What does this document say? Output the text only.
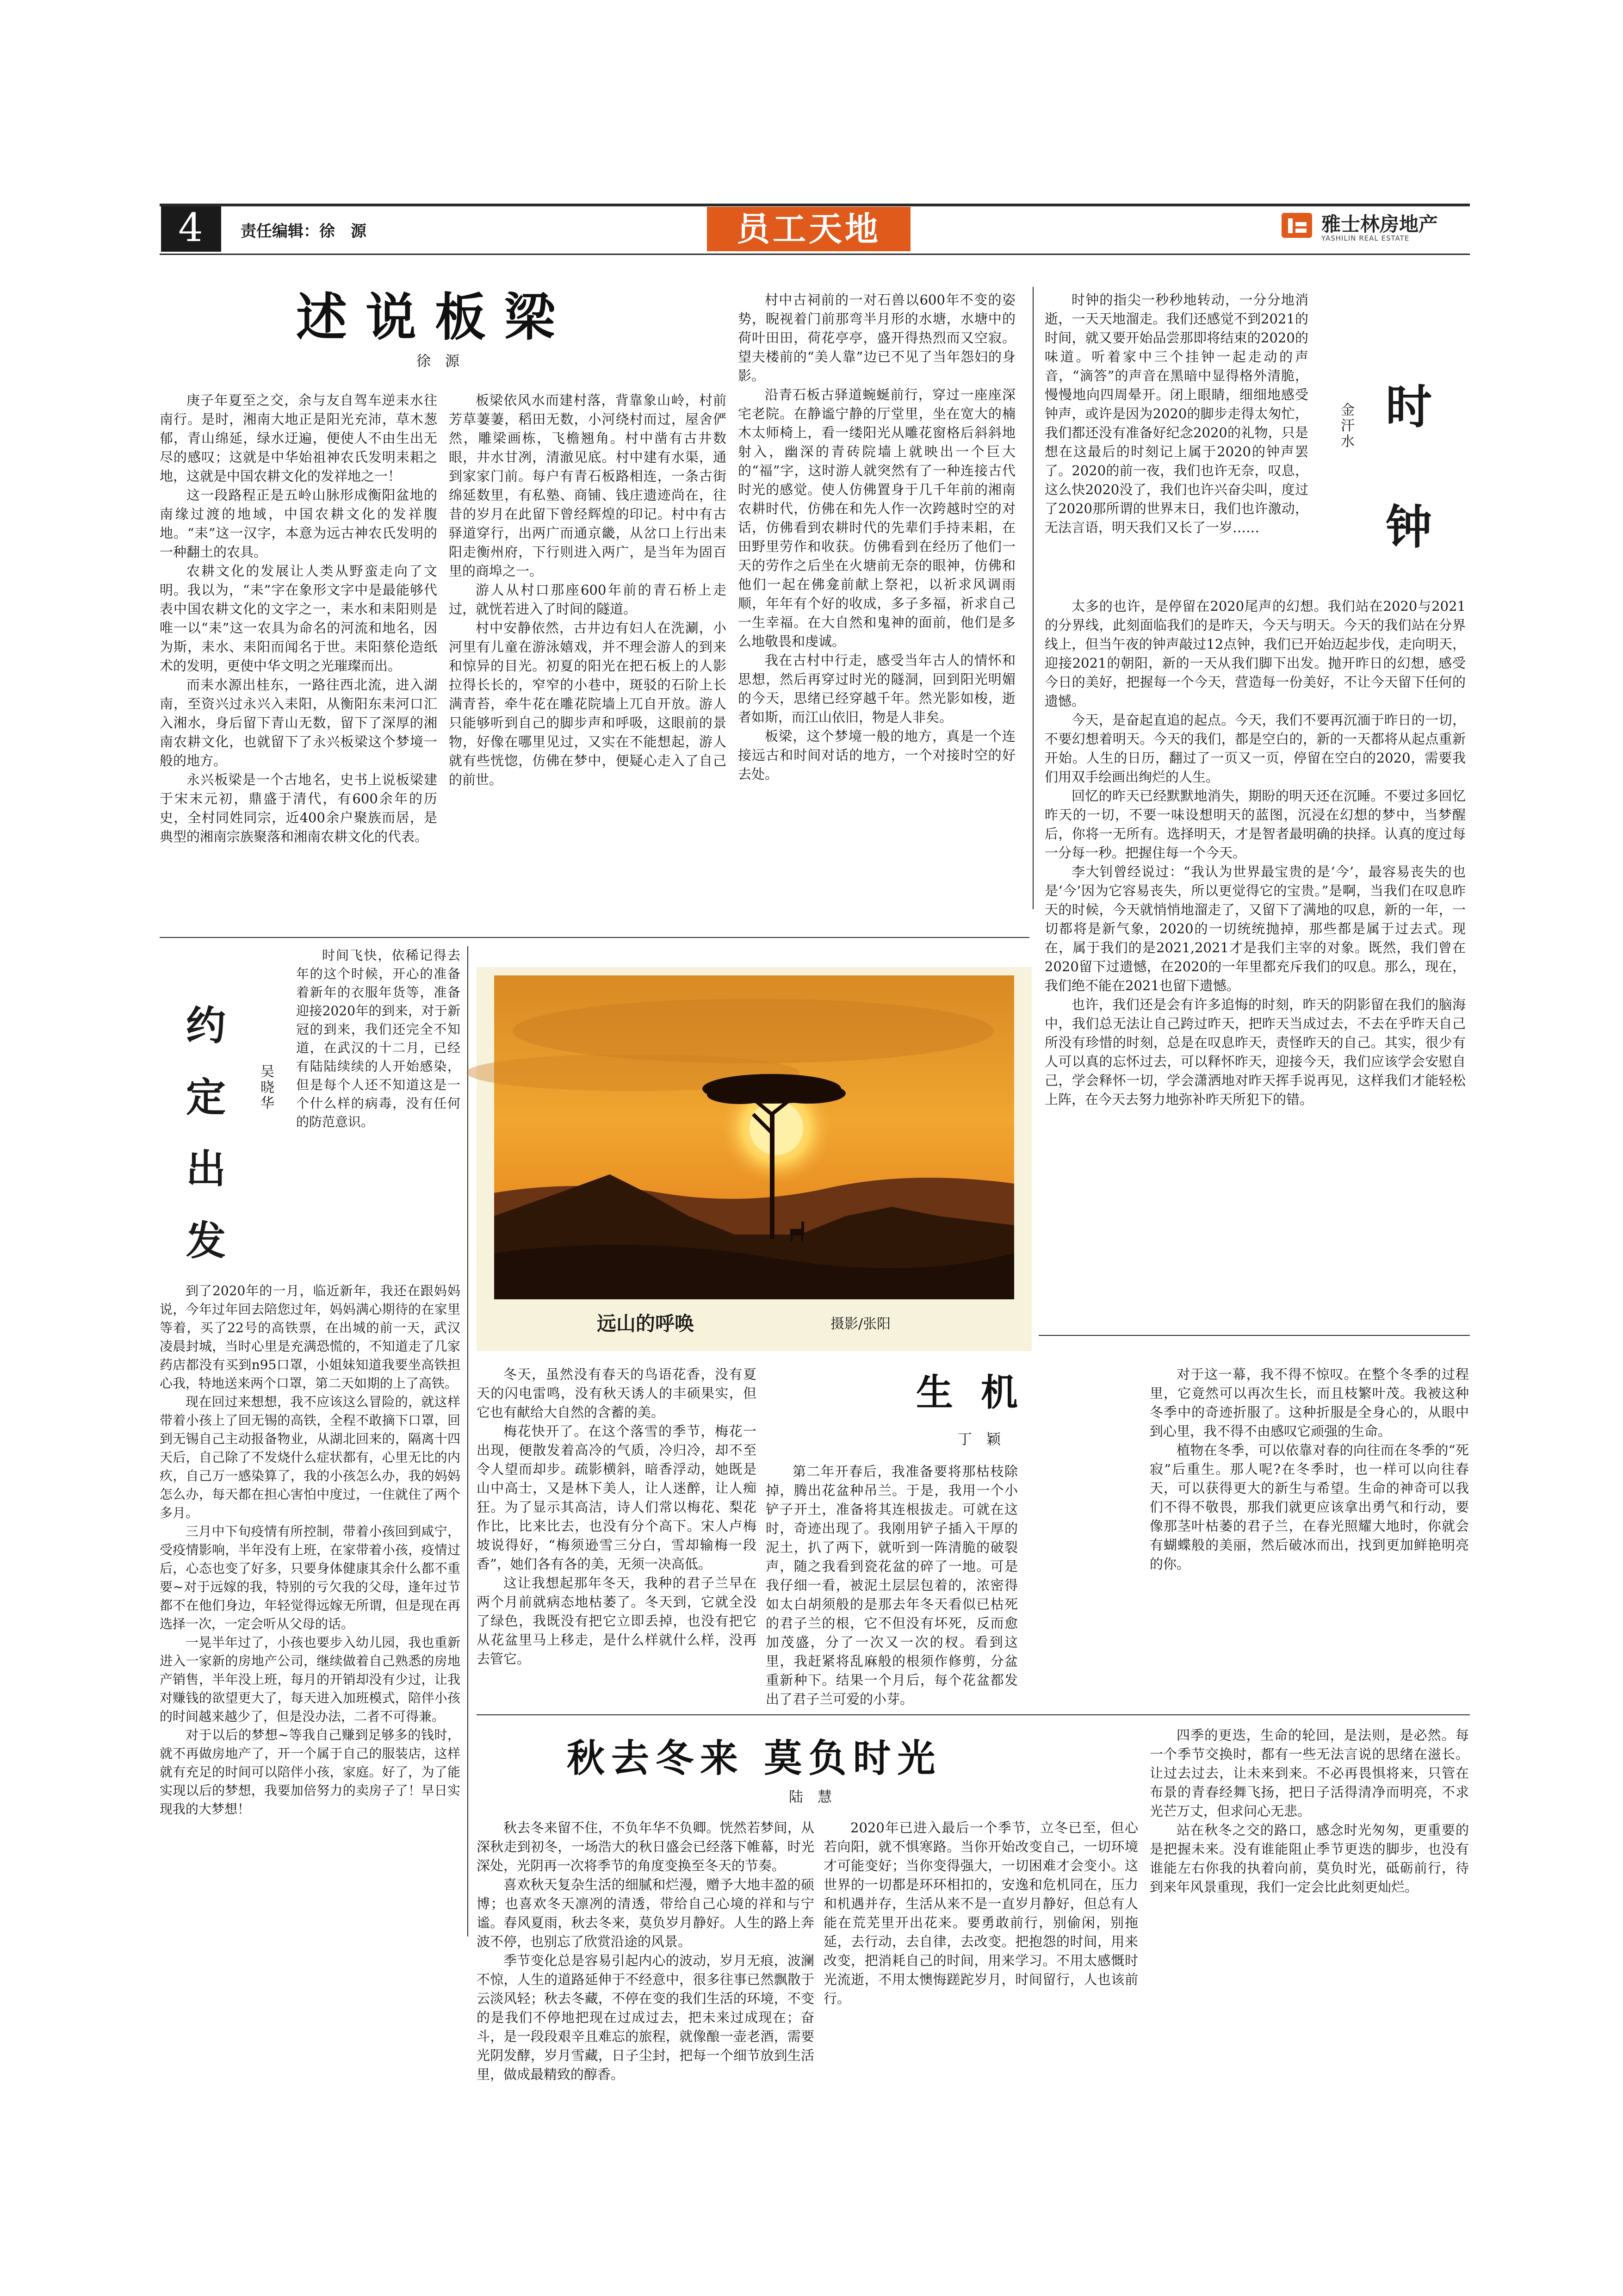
4	责任编辑：徐　源	员工天地	雅士林房地产
YASHILIN REAL ESTATE
述说板梁
徐　源

庚子年夏至之交，余与友自驾车逆耒水往南行。是时，湘南大地正是阳光充沛，草木葱郁，青山绵延，绿水迂遍，便使人不由生出无尽的感叹；这就是中华始祖神农氏发明耒耜之地，这就是中国农耕文化的发祥地之一！

这一段路程正是五岭山脉形成衡阳盆地的南缘过渡的地域，中国农耕文化的发祥腹地。“耒”这一汉字，本意为远古神农氏发明的一种翻土的农具。

农耕文化的发展让人类从野蛮走向了文明。我以为，“耒”字在象形文字中是最能够代表中国农耕文化的文字之一，耒水和耒阳则是唯一以“耒”这一农具为命名的河流和地名，因为斯，耒水、耒阳而闻名于世。耒阳蔡伦造纸术的发明，更使中华文明之光璀璨而出。

而耒水源出桂东，一路往西北流，进入湖南，至资兴过永兴入耒阳，从衡阳东耒河口汇入湘水，身后留下青山无数，留下了深厚的湘南农耕文化，也就留下了永兴板梁这个梦境一般的地方。

永兴板梁是一个古地名，史书上说板梁建于宋末元初，鼎盛于清代，有600余年的历史，全村同姓同宗，近400余户聚族而居，是典型的湘南宗族聚落和湘南农耕文化的代表。

板梁依风水而建村落，背靠象山岭，村前芳草萋萋，稻田无数，小河绕村而过，屋舍俨然，雕梁画栋，飞檐翘角。村中凿有古井数眼，井水甘冽，清澈见底。村中建有水渠，通到家家门前。每户有青石板路相连，一条古街绵延数里，有私塾、商铺、钱庄遗迹尚在，往昔的岁月在此留下曾经辉煌的印记。村中有古驿道穿行，出两广而通京畿，从岔口上行出耒阳走衡州府，下行则进入两广，是当年为固百里的商埠之一。

游人从村口那座600年前的青石桥上走过，就恍若进入了时间的隧道。

村中安静依然，古井边有妇人在洗涮，小河里有儿童在游泳嬉戏，并不理会游人的到来和惊异的目光。初夏的阳光在把石板上的人影拉得长长的，窄窄的小巷中，斑驳的石阶上长满青苔，牵牛花在雕花院墙上兀自开放。游人只能够听到自己的脚步声和呼吸，这眼前的景物，好像在哪里见过，又实在不能想起，游人就有些恍惚，仿佛在梦中，便疑心走入了自己的前世。

村中古祠前的一对石兽以600年不变的姿势，睨视着门前那弯半月形的水塘，水塘中的荷叶田田，荷花亭亭，盛开得热烈而又空寂。望夫楼前的“美人靠”边已不见了当年怨妇的身影。

沿青石板古驿道蜿蜒前行，穿过一座座深宅老院。在静谧宁静的厅堂里，坐在宽大的楠木太师椅上，看一缕阳光从雕花窗格后斜斜地射入，幽深的青砖院墙上就映出一个巨大的“福”字，这时游人就突然有了一种连接古代时光的感觉。使人仿佛置身于几千年前的湘南农耕时代，仿佛在和先人作一次跨越时空的对话，仿佛看到农耕时代的先辈们手持耒耜，在田野里劳作和收获。仿佛看到在经历了他们一天的劳作之后坐在火塘前无奈的眼神，仿佛和他们一起在佛龛前献上祭祀，以祈求风调雨顺，年年有个好的收成，多子多福，祈求自己一生幸福。在大自然和鬼神的面前，他们是多么地敬畏和虔诚。

我在古村中行走，感受当年古人的情怀和思想，然后再穿过时光的隧洞，回到阳光明媚的今天，思绪已经穿越千年。然光影如梭，逝者如斯，而江山依旧，物是人非矣。

板梁，这个梦境一般的地方，真是一个连接远古和时间对话的地方，一个对接时空的好去处。

时钟的指尖一秒秒地转动，一分分地消逝，一天天地溜走。我们还感觉不到2021的时间，就又要开始品尝那即将结束的2020的味道。听着家中三个挂钟一起走动的声音，“滴答”的声音在黑暗中显得格外清脆，慢慢地向四周晕开。闭上眼睛，细细地感受钟声，或许是因为2020的脚步走得太匆忙，我们都还没有准备好纪念2020的礼物，只是想在这最后的时刻记上属于2020的钟声罢了。2020的前一夜，我们也许无奈，叹息，这么快2020没了，我们也许兴奋尖叫，度过了2020那所谓的世界末日，我们也许激动，无法言语，明天我们又长了一岁……

时钟
金汗水

太多的也许，是停留在2020尾声的幻想。我们站在2020与2021的分界线，此刻面临我们的是昨天，今天与明天。今天的我们站在分界线上，但当午夜的钟声敲过12点钟，我们已开始迈起步伐，走向明天，迎接2021的朝阳，新的一天从我们脚下出发。抛开昨日的幻想，感受今日的美好，把握每一个今天，营造每一份美好，不让今天留下任何的遗憾。

今天，是奋起直追的起点。今天，我们不要再沉湎于昨日的一切，不要幻想着明天。今天的我们，都是空白的，新的一天都将从起点重新开始。人生的日历，翻过了一页又一页，停留在空白的2020，需要我们用双手绘画出绚烂的人生。

回忆的昨天已经默默地消失，期盼的明天还在沉睡。不要过多回忆昨天的一切，不要一味设想明天的蓝图，沉浸在幻想的梦中，当梦醒后，你将一无所有。选择明天，才是智者最明确的抉择。认真的度过每一分每一秒。把握住每一个今天。

李大钊曾经说过：“我认为世界最宝贵的是‘今’，最容易丧失的也是‘今’因为它容易丧失，所以更觉得它的宝贵。”是啊，当我们在叹息昨天的时候，今天就悄悄地溜走了，又留下了满地的叹息，新的一年，一切都将是新气象，2020的一切统统抛掉，那些都是属于过去式。现在，属于我们的是2021,2021才是我们主宰的对象。既然，我们曾在2020留下过遗憾，在2020的一年里都充斥我们的叹息。那么，现在，我们绝不能在2021也留下遗憾。

也许，我们还是会有许多追悔的时刻，昨天的阴影留在我们的脑海中，我们总无法让自己跨过昨天，把昨天当成过去，不去在乎昨天自己所没有珍惜的时刻，总是在叹息昨天，责怪昨天的自己。其实，很少有人可以真的忘怀过去，可以释怀昨天，迎接今天，我们应该学会安慰自己，学会释怀一切，学会潇洒地对昨天挥手说再见，这样我们才能轻松上阵，在今天去努力地弥补昨天所犯下的错。

约定出发
吴晓华

时间飞快，依稀记得去年的这个时候，开心的准备着新年的衣服年货等，准备迎接2020年的到来，对于新冠的到来，我们还完全不知道，在武汉的十二月，已经有陆陆续续的人开始感染，但是每个人还不知道这是一个什么样的病毒，没有任何的防范意识。

到了2020年的一月，临近新年，我还在跟妈妈说，今年过年回去陪您过年，妈妈满心期待的在家里等着，买了22号的高铁票，在出城的前一天，武汉凌晨封城，当时心里是充满恐慌的，不知道走了几家药店都没有买到n95口罩，小姐妹知道我要坐高铁担心我，特地送来两个口罩，第二天如期的上了高铁。

现在回过来想想，我不应该这么冒险的，就这样带着小孩上了回无锡的高铁，全程不敢摘下口罩，回到无锡自己主动报备物业，从湖北回来的，隔离十四天后，自己除了不发烧什么症状都有，心里无比的内疚，自己万一感染算了，我的小孩怎么办，我的妈妈怎么办，每天都在担心害怕中度过，一住就住了两个多月。

三月中下旬疫情有所控制，带着小孩回到咸宁，受疫情影响，半年没有上班，在家带着小孩，疫情过后，心态也变了好多，只要身体健康其余什么都不重要~对于远嫁的我，特别的亏欠我的父母，逢年过节都不在他们身边，年轻觉得远嫁无所谓，但是现在再选择一次，一定会听从父母的话。

一晃半年过了，小孩也要步入幼儿园，我也重新进入一家新的房地产公司，继续做着自己熟悉的房地产销售，半年没上班，每月的开销却没有少过，让我对赚钱的欲望更大了，每天进入加班模式，陪伴小孩的时间越来越少了，但是没办法，二者不可得兼。

对于以后的梦想~等我自己赚到足够多的钱时，就不再做房地产了，开一个属于自己的服装店，这样就有充足的时间可以陪伴小孩，家庭。好了，为了能实现以后的梦想，我要加倍努力的卖房子了！早日实现我的大梦想！

远山的呼唤	摄影/张阳

冬天，虽然没有春天的鸟语花香，没有夏天的闪电雷鸣，没有秋天诱人的丰硕果实，但它也有献给大自然的含蓄的美。

梅花快开了。在这个落雪的季节，梅花一出现，便散发着高冷的气质，冷归冷，却不至令人望而却步。疏影横斜，暗香浮动，她既是山中高士，又是林下美人，让人迷醉，让人痴狂。为了显示其高洁，诗人们常以梅花、梨花作比，比来比去，也没有分个高下。宋人卢梅坡说得好，“梅须逊雪三分白，雪却输梅一段香”，她们各有各的美，无须一决高低。

这让我想起那年冬天，我种的君子兰早在两个月前就病态地枯萎了。冬天到，它就全没了绿色，我既没有把它立即丢掉，也没有把它从花盆里马上移走，是什么样就什么样，没再去管它。

生机
丁　颖

第二年开春后，我准备要将那枯枝除掉，腾出花盆种吊兰。于是，我用一个小铲子开土，准备将其连根拔走。可就在这时，奇迹出现了。我刚用铲子插入干厚的泥土，扒了两下，就听到一阵清脆的破裂声，随之我看到瓷花盆的碎了一地。可是我仔细一看，被泥土层层包着的，浓密得如太白胡须般的是那去年冬天看似已枯死的君子兰的根，它不但没有坏死，反而愈加茂盛，分了一次又一次的杈。看到这里，我赶紧将乱麻般的根须作修剪，分盆重新种下。结果一个月后，每个花盆都发出了君子兰可爱的小芽。

对于这一幕，我不得不惊叹。在整个冬季的过程里，它竟然可以再次生长，而且枝繁叶茂。我被这种冬季中的奇迹折服了。这种折服是全身心的，从眼中到心里，我不得不由感叹它顽强的生命。

植物在冬季，可以依靠对春的向往而在冬季的“死寂”后重生。那人呢?在冬季时，也一样可以向往春天，可以获得更大的新生与希望。生命的神奇可以我们不得不敬畏，那我们就更应该拿出勇气和行动，要像那茎叶枯萎的君子兰，在春光照耀大地时，你就会有蝴蝶般的美丽，然后破冰而出，找到更加鲜艳明亮的你。

秋去冬来 莫负时光
陆　慧

秋去冬来留不住，不负年华不负卿。恍然若梦间，从深秋走到初冬，一场浩大的秋日盛会已经落下帷幕，时光深处，光阴再一次将季节的角度变换至冬天的节奏。

喜欢秋天复杂生活的细腻和烂漫，赠予大地丰盈的硕博；也喜欢冬天凛冽的清透，带给自己心境的祥和与宁谧。春风夏雨，秋去冬来，莫负岁月静好。人生的路上奔波不停，也别忘了欣赏沿途的风景。

季节变化总是容易引起内心的波动，岁月无痕，波澜不惊，人生的道路延伸于不经意中，很多往事已然飘散于云淡风轻；秋去冬藏，不停在变的我们生活的环境，不变的是我们不停地把现在过成过去，把未来过成现在；奋斗，是一段段艰辛且难忘的旅程，就像酿一壶老酒，需要光阴发酵，岁月雪藏，日子尘封，把每一个细节放到生活里，做成最精致的醇香。

2020年已进入最后一个季节，立冬已至，但心若向阳，就不惧寒路。当你开始改变自己，一切环境才可能变好；当你变得强大，一切困难才会变小。这世界的一切都是环环相扣的，安逸和危机同在，压力和机遇并存，生活从来不是一直岁月静好，但总有人能在荒芜里开出花来。要勇敢前行，别偷闲，别拖延，去行动，去自律，去改变。把抱怨的时间，用来改变，把消耗自己的时间，用来学习。不用太感慨时光流逝，不用太懊悔蹉跎岁月，时间留行，人也该前行。

四季的更迭，生命的轮回，是法则，是必然。每一个季节交换时，都有一些无法言说的思绪在滋长。让过去过去，让未来到来。不必再畏惧将来，只管在布景的青春经舞飞扬，把日子活得清净而明亮，不求光芒万丈，但求问心无悲。

站在秋冬之交的路口，感念时光匆匆，更重要的是把握未来。没有谁能阻止季节更迭的脚步，也没有谁能左右你我的执着向前，莫负时光，砥砺前行，待到来年风景重现，我们一定会比此刻更灿烂。
